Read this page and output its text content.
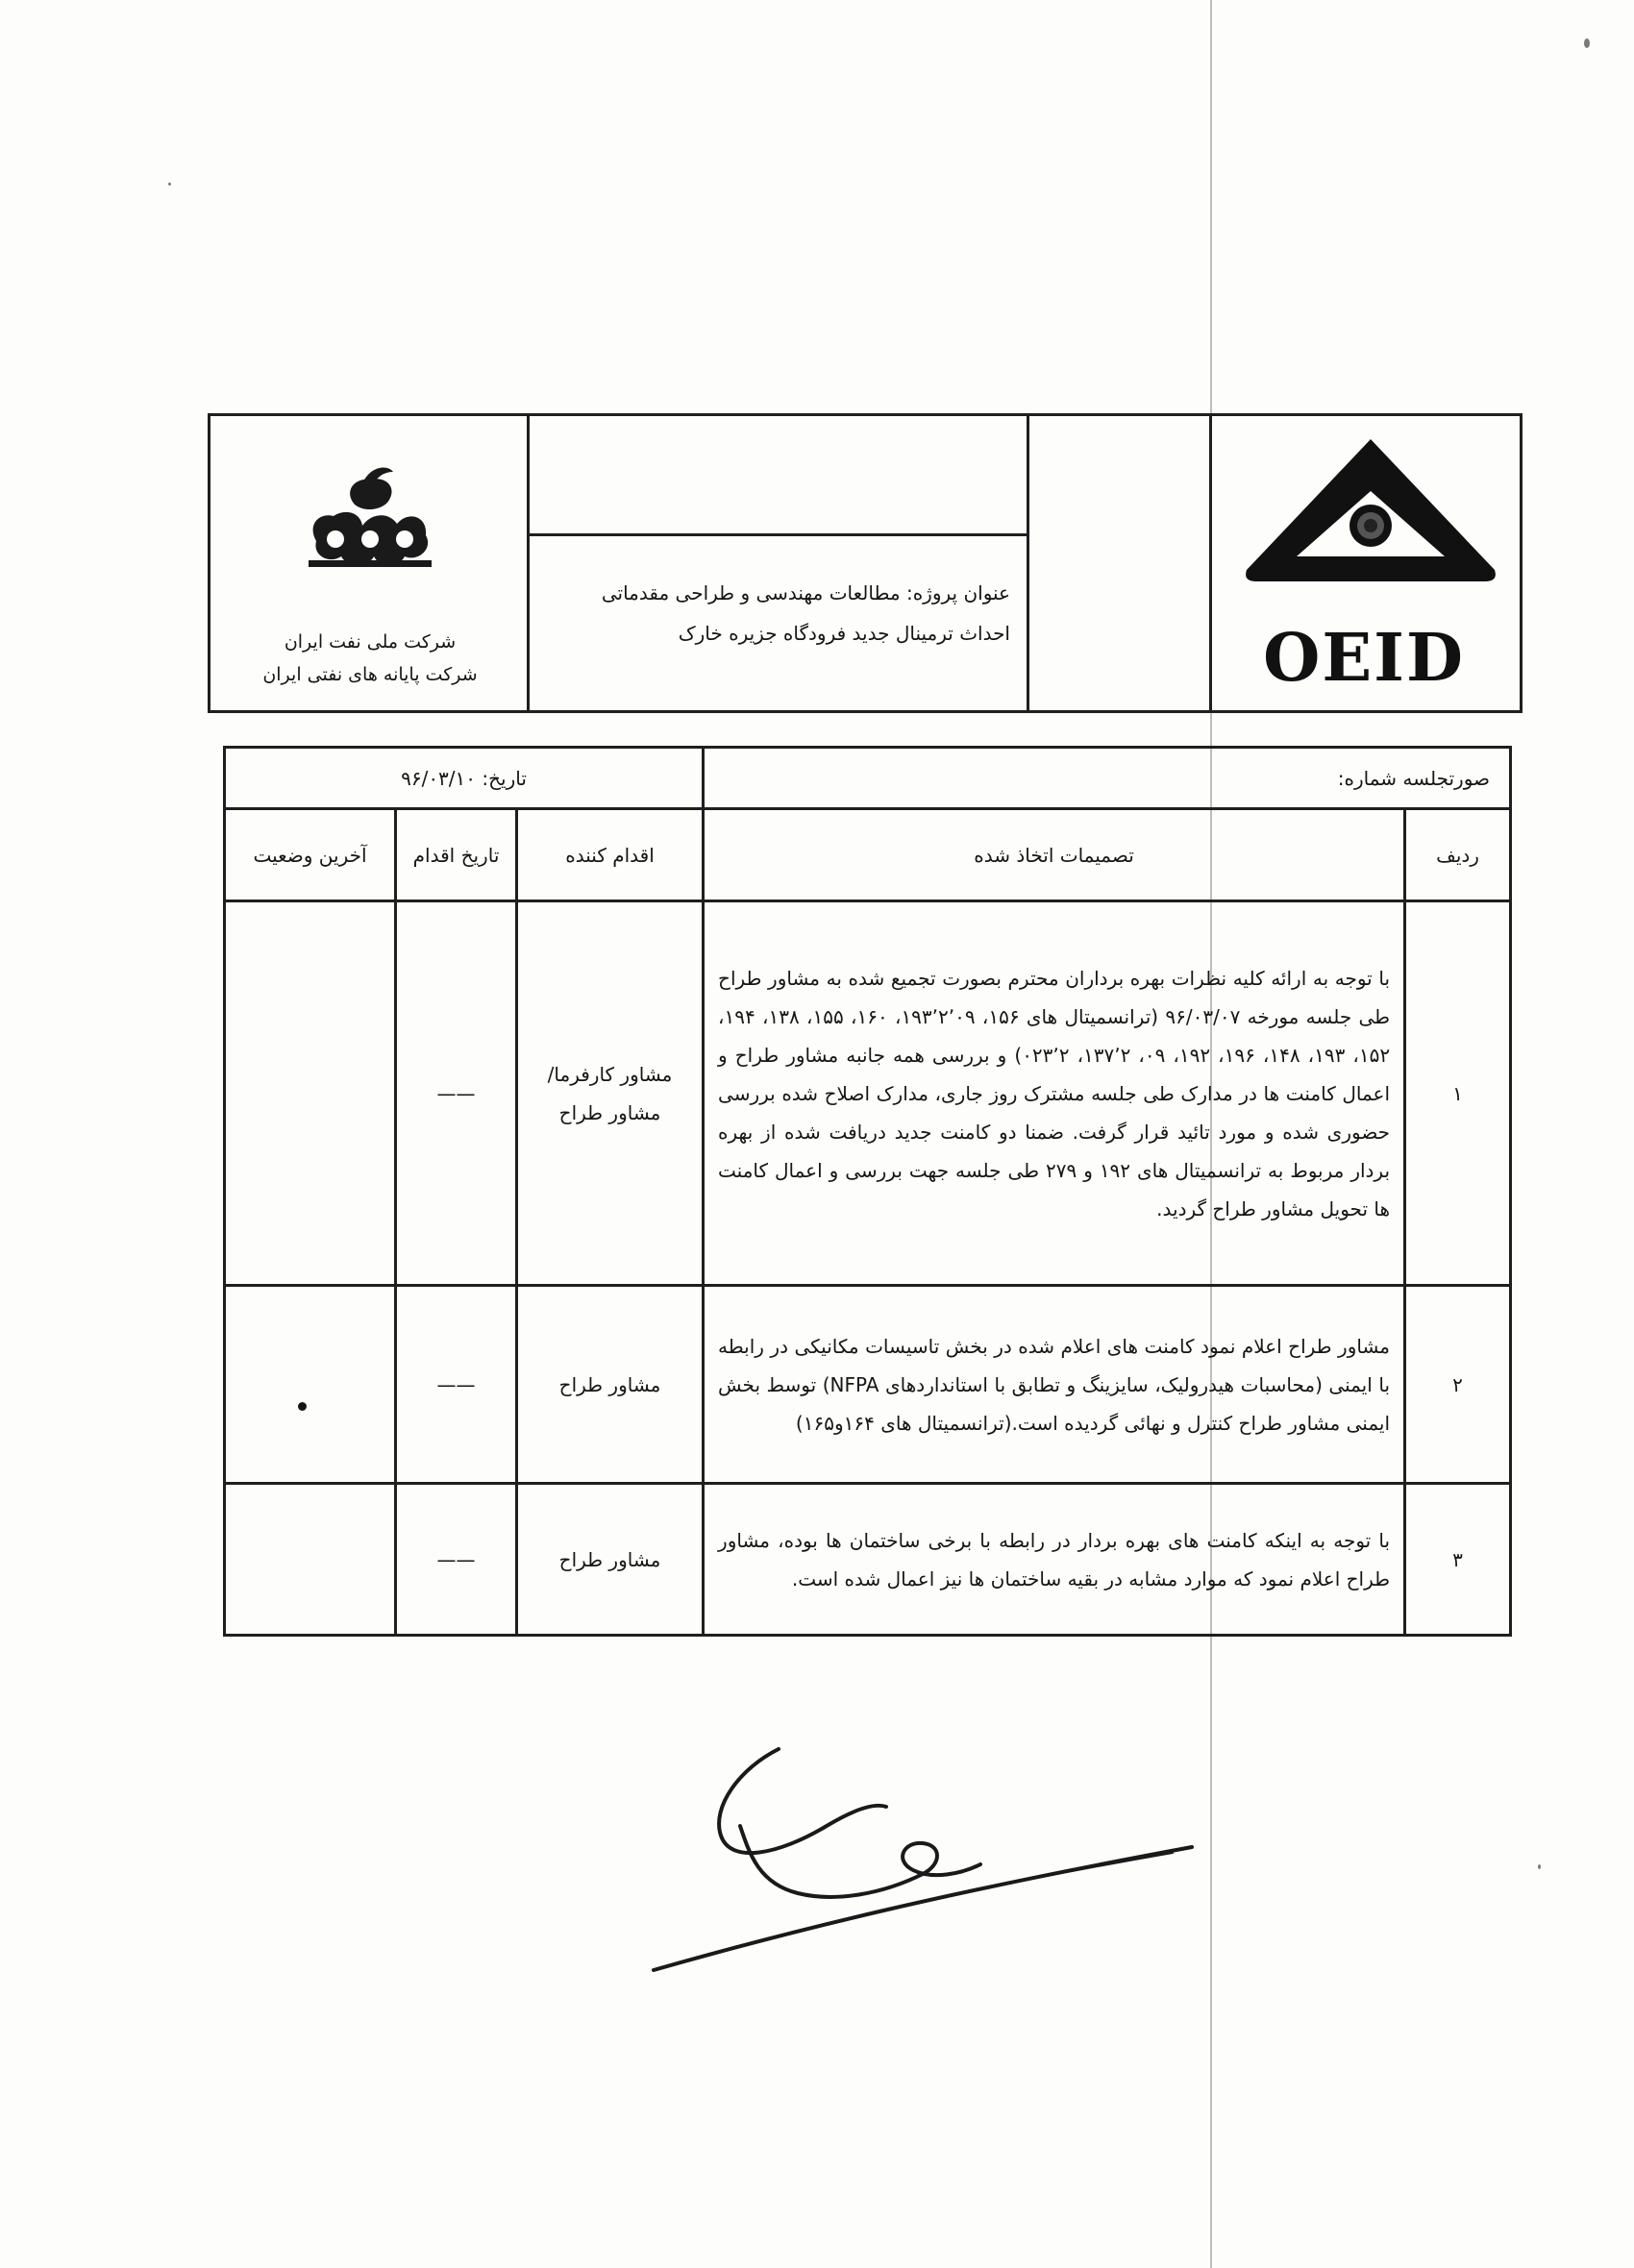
شرکت ملی نفت ایران
شرکت پایانه های نفتی ایران
عنوان پروژه: مطالعات مهندسی و طراحی مقدماتی
احداث ترمینال جدید فرودگاه جزیره خارک	OEID
صورتجلسه شماره:		تاریخ: ۹۶/۰۳/۱۰		
ردیف	تصمیمات اتخاذ شده	اقدام کننده	تاریخ اقدام	آخرین وضعیت
۱	با توجه به ارائه کلیه نظرات بهره برداران محترم بصورت تجمیع شده به مشاور طراح طی جلسه مورخه ۹۶/۰۳/۰۷ (ترانسمیتال های ۱۵۶، ۱۹۳٬۲٬۰۹، ۱۶۰، ۱۵۵، ۱۳۸، ۱۹۴، ۱۵۲، ۱۹۳، ۱۴۸، ۱۹۶، ۱۹۲، ۰۹، ۱۳۷٬۲، ۰۲۳٬۲) و بررسی همه جانبه مشاور طراح و اعمال کامنت ها در مدارک طی جلسه مشترک روز جاری، مدارک اصلاح شده بررسی حضوری شده و مورد تائید قرار گرفت. ضمنا دو کامنت جدید دریافت شده از بهره بردار مربوط به ترانسمیتال های ۱۹۲ و ۲۷۹ طی جلسه جهت بررسی و اعمال کامنت ها تحویل مشاور طراح گردید.	مشاور کارفرما/مشاور طراح	——	
۲	مشاور طراح اعلام نمود کامنت های اعلام شده در بخش تاسیسات مکانیکی در رابطه با ایمنی (محاسبات هیدرولیک، سایزینگ و تطابق با استانداردهای NFPA) توسط بخش ایمنی مشاور طراح کنترل و نهائی گردیده است.(ترانسمیتال های ۱۶۴و۱۶۵)	مشاور طراح	——	
۳	با توجه به اینکه کامنت های بهره بردار در رابطه با برخی ساختمان ها بوده، مشاور طراح اعلام نمود که موارد مشابه در بقیه ساختمان ها نیز اعمال شده است.	مشاور طراح	——	
